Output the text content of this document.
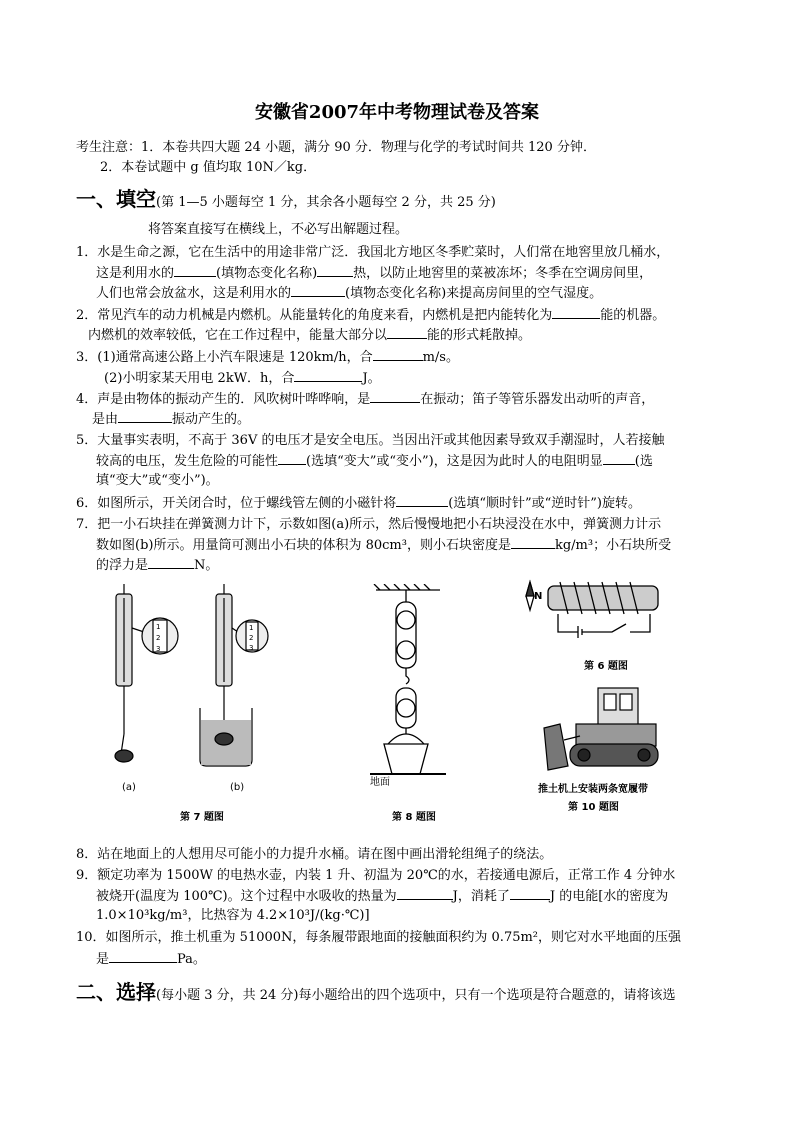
安徽省2007年中考物理试卷及答案
考生注意：1．本卷共四大题 24 小题，满分 90 分．物理与化学的考试时间共 120 分钟．
2．本卷试题中 g 值均取 10N／kg．
一、填空(第 1—5 小题每空 1 分，其余各小题每空 2 分，共 25 分)
将答案直接写在横线上，不必写出解题过程。
1．水是生命之源，它在生活中的用途非常广泛．我国北方地区冬季贮菜时，人们常在地窖里放几桶水，
这是利用水的	(填物态变化名称)	热，以防止地窖里的菜被冻坏；冬季在空调房间里，
人们也常会放盆水，这是利用水的	(填物态变化名称)来提高房间里的空气湿度。
2．常见汽车的动力机械是内燃机。从能量转化的角度来看，内燃机是把内能转化为	能的机器。
内燃机的效率较低，它在工作过程中，能量大部分以	能的形式耗散掉。
3．(1)通常高速公路上小汽车限速是 120km/h，合	m/s。
(2)小明家某天用电 2kW．h，合	J。
4．声是由物体的振动产生的．风吹树叶哗哗响，是	在振动；笛子等管乐器发出动听的声音，
是由	振动产生的。
5．大量事实表明，不高于 36V 的电压才是安全电压。当因出汗或其他因素导致双手潮湿时，人若接触
较高的电压，发生危险的可能性 (选填“变大”或“变小”)，这是因为此时人的电阻明显 (选
填“变大”或“变小”)。
6．如图所示，开关闭合时，位于螺线管左侧的小磁针将	(选填“顺时针”或“逆时针”)旋转。
7．把一小石块挂在弹簧测力计下，示数如图(a)所示，然后慢慢地把小石块浸没在水中，弹簧测力计示
数如图(b)所示。用量筒可测出小石块的体积为 80cm³，则小石块密度是	kg/m³；小石块所受
的浮力是	N。
1
2
3
1
2
3
(a)	(b)
第 7 题图
地面
第 8 题图
N
第 6 题图
推土机上安装两条宽履带
第 10 题图
8．站在地面上的人想用尽可能小的力提升水桶。请在图中画出滑轮组绳子的绕法。
9．额定功率为 1500W 的电热水壶，内装 1 升、初温为 20℃的水，若接通电源后，正常工作 4 分钟水
被烧开(温度为 100℃)。这个过程中水吸收的热量为	J，消耗了	J 的电能[水的密度为
1.0×10³kg/m³，比热容为 4.2×10³J/(kg·℃)]
10．如图所示，推土机重为 51000N，每条履带跟地面的接触面积约为 0.75m²，则它对水平地面的压强
是	Pa。
二、选择(每小题 3 分，共 24 分)每小题给出的四个选项中，只有一个选项是符合题意的，请将该选
